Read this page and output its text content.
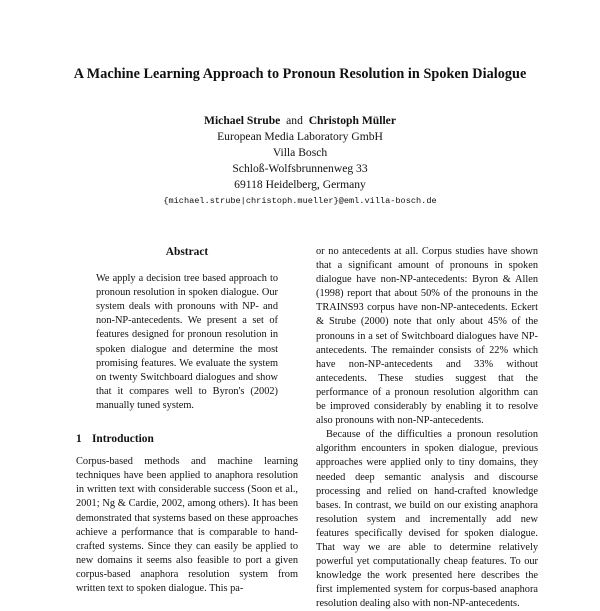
A Machine Learning Approach to Pronoun Resolution in Spoken Dialogue
Michael Strube and Christoph Müller
European Media Laboratory GmbH
Villa Bosch
Schloß-Wolfsbrunnenweg 33
69118 Heidelberg, Germany
{michael.strube|christoph.mueller}@eml.villa-bosch.de
Abstract

We apply a decision tree based approach to pronoun resolution in spoken dialogue. Our system deals with pronouns with NP- and non-NP-antecedents. We present a set of features designed for pronoun resolution in spoken dialogue and determine the most promising features. We evaluate the system on twenty Switchboard dialogues and show that it compares well to Byron's (2002) manually tuned system.

1 Introduction

Corpus-based methods and machine learning techniques have been applied to anaphora resolution in written text with considerable success (Soon et al., 2001; Ng & Cardie, 2002, among others). It has been demonstrated that systems based on these approaches achieve a performance that is comparable to hand-crafted systems. Since they can easily be applied to new domains it seems also feasible to port a given corpus-based anaphora resolution system from written text to spoken dialogue. This pa-

or no antecedents at all. Corpus studies have shown that a significant amount of pronouns in spoken dialogue have non-NP-antecedents: Byron & Allen (1998) report that about 50% of the pronouns in the TRAINS93 corpus have non-NP-antecedents. Eckert & Strube (2000) note that only about 45% of the pronouns in a set of Switchboard dialogues have NP-antecedents. The remainder consists of 22% which have non-NP-antecedents and 33% without antecedents. These studies suggest that the performance of a pronoun resolution algorithm can be improved considerably by enabling it to resolve also pronouns with non-NP-antecedents.

Because of the difficulties a pronoun resolution algorithm encounters in spoken dialogue, previous approaches were applied only to tiny domains, they needed deep semantic analysis and discourse processing and relied on hand-crafted knowledge bases. In contrast, we build on our existing anaphora resolution system and incrementally add new features specifically devised for spoken dialogue. That way we are able to determine relatively powerful yet computationally cheap features. To our knowledge the work presented here describes the first implemented system for corpus-based anaphora resolution dealing also with non-NP-antecedents.
